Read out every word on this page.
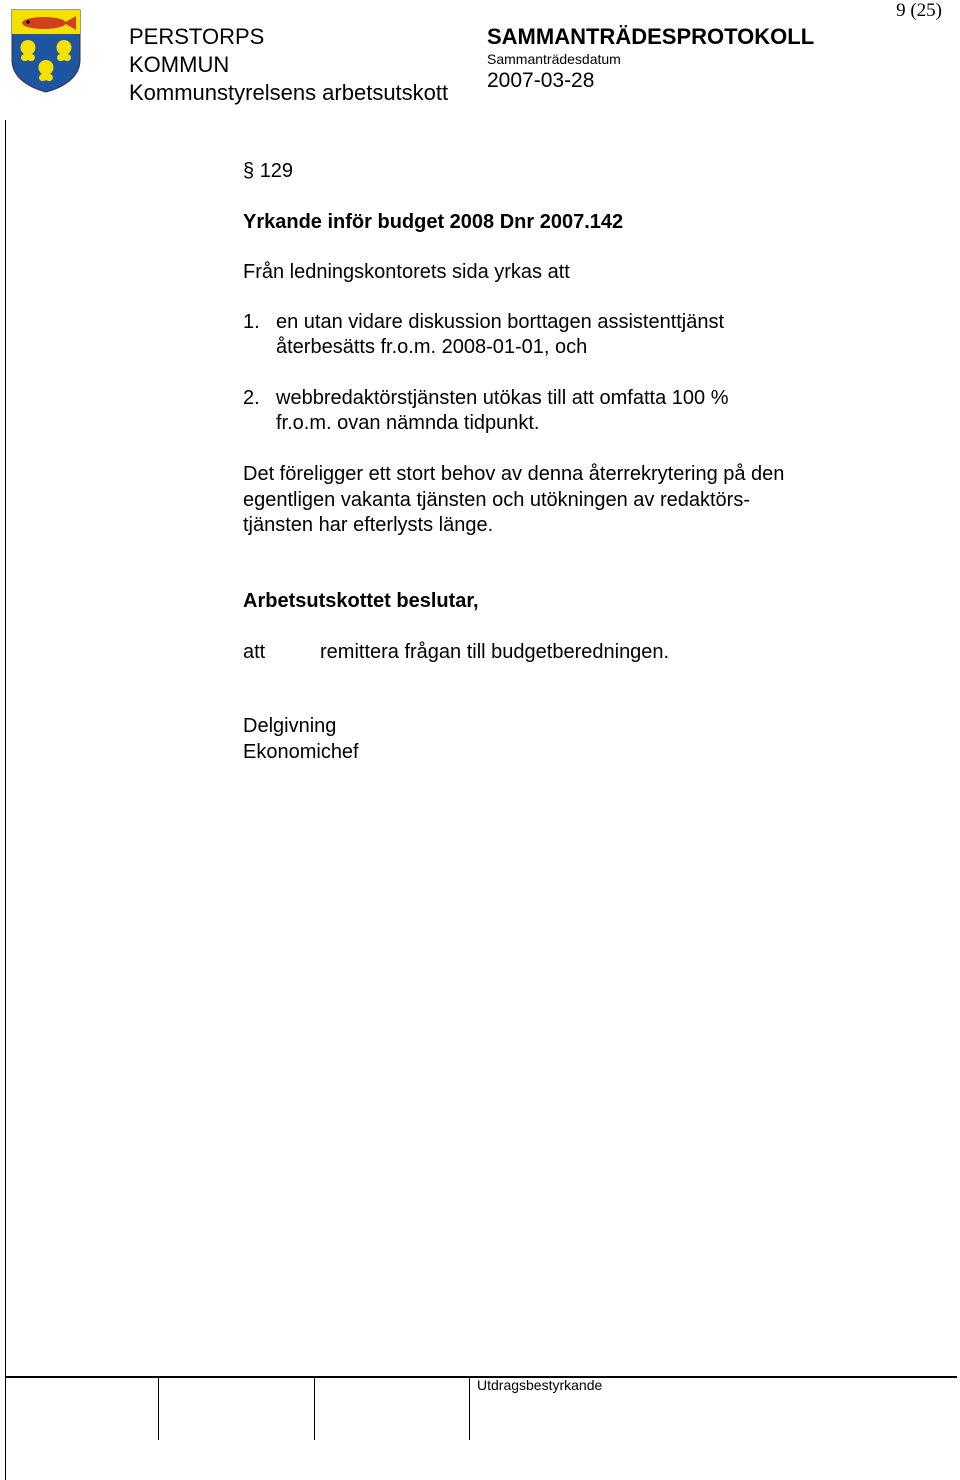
9 (25)
PERSTORPS
KOMMUN
Kommunstyrelsens arbetsutskott
SAMMANTRÄDESPROTOKOLL
Sammanträdesdatum
2007-03-28
§ 129
Yrkande inför budget 2008 Dnr 2007.142
Från ledningskontorets sida yrkas att
1. en utan vidare diskussion borttagen assistenttjänst
återbesätts fr.o.m. 2008-01-01, och
2. webbredaktörstjänsten utökas till att omfatta 100 %
fr.o.m. ovan nämnda tidpunkt.
Det föreligger ett stort behov av denna återrekrytering på den
egentligen vakanta tjänsten och utökningen av redaktörs-
tjänsten har efterlysts länge.
Arbetsutskottet beslutar,
att	remittera frågan till budgetberedningen.
Delgivning
Ekonomichef
Utdragsbestyrkande
